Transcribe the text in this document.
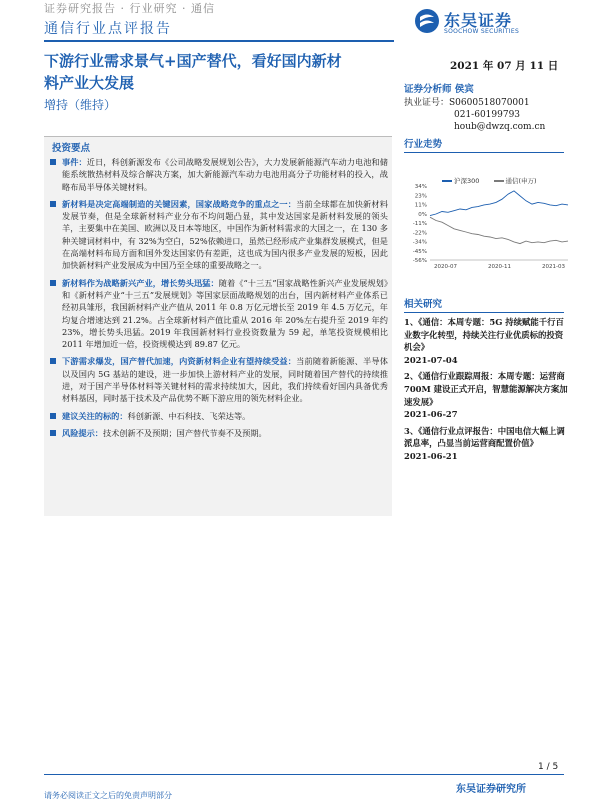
证券研究报告 · 行业研究 · 通信
通信行业点评报告	东吴证券
SOOCHOW SECURITIES
下游行业需求景气+国产替代，看好国内新材
料产业大发展
增持（维持）
2021 年 07 月 11 日
证券分析师 侯宾
执业证号：S0600518070001
021-60199793
houb@dwzq.com.cn
投资要点
事件：近日，科创新源发布《公司战略发展规划公告》，大力发展新能源汽车动力电池和储能系统散热材料及综合解决方案，加大新能源汽车动力电池用高分子功能材料的投入，战略布局半导体关键材料。
新材料是决定高端制造的关键因素，国家战略竞争的重点之一：当前全球都在加快新材料发展节奏，但是全球新材料产业分布不均问题凸显，其中发达国家是新材料发展的领头羊，主要集中在美国、欧洲以及日本等地区，中国作为新材料需求的大国之一，在 130 多种关键词材料中，有 32%为空白，52%依赖进口，虽然已经形成产业集群发展模式，但是在高端材料布局方面和国外发达国家仍有差距，这也成为国内很多产业发展的短板，因此加快新材料产业发展成为中国乃至全球的重要战略之一。
新材料作为战略新兴产业，增长势头迅猛：随着《“十三五”国家战略性新兴产业发展规划》和《新材料产业“十三五”发展规划》等国家层面战略规划的出台，国内新材料产业体系已经初具雏形，我国新材料产业产值从 2011 年 0.8 万亿元增长至 2019 年 4.5 万亿元，年均复合增速达到 21.2%。占全球新材料产值比重从 2016 年 20%左右提升至 2019 年约 23%，增长势头迅猛。2019 年我国新材料行业投资数量为 59 起，单笔投资规模相比 2011 年增加近一倍，投资规模达到 89.87 亿元。
下游需求爆发，国产替代加速，内资新材料企业有望持续受益：当前随着新能源、半导体以及国内 5G 基站的建设，进一步加快上游材料产业的发展，同时随着国产替代的持续推进，对于国产半导体材料等关键材料的需求持续加大，因此，我们持续看好国内具备优秀材料基因，同时基于技术及产品优势不断下游应用的领先材料企业。
建议关注的标的：科创新源、中石科技、飞荣达等。
风险提示：技术创新不及预期；国产替代节奏不及预期。
行业走势
沪深300	通信(申万)
34%
23%
11%
0%
-11%
-22%
-34%
-45%
-56%
2020-07	2020-11	2021-03
相关研究
1、《通信：本周专题：5G 持续赋能千行百业数字化转型，持续关注行业优质标的投资机会》
2021-07-04
2、《通信行业跟踪周报：本周专题：运营商 700M 建设正式开启，智慧能源解决方案加速发展》
2021-06-27
3、《通信行业点评报告：中国电信大幅上调派息率，凸显当前运营商配置价值》
2021-06-21
1 / 5
东吴证券研究所
请务必阅读正文之后的免责声明部分
